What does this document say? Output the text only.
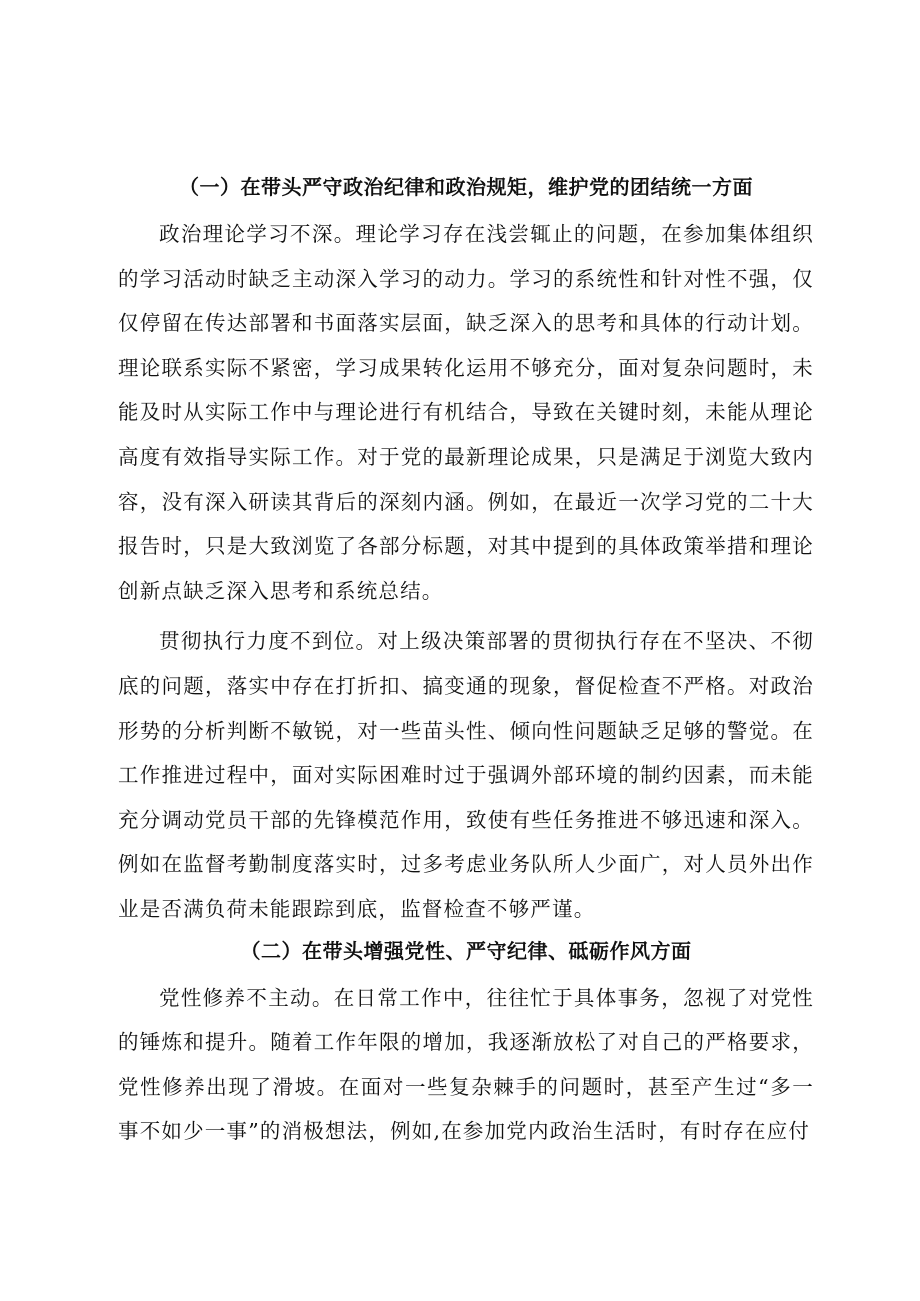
（一）在带头严守政治纪律和政治规矩，维护党的团结统一方面

政治理论学习不深。理论学习存在浅尝辄止的问题，在参加集体组织的学习活动时缺乏主动深入学习的动力。学习的系统性和针对性不强，仅仅停留在传达部署和书面落实层面，缺乏深入的思考和具体的行动计划。理论联系实际不紧密，学习成果转化运用不够充分，面对复杂问题时，未能及时从实际工作中与理论进行有机结合，导致在关键时刻，未能从理论高度有效指导实际工作。对于党的最新理论成果，只是满足于浏览大致内容，没有深入研读其背后的深刻内涵。例如，在最近一次学习党的二十大报告时，只是大致浏览了各部分标题，对其中提到的具体政策举措和理论创新点缺乏深入思考和系统总结。

贯彻执行力度不到位。对上级决策部署的贯彻执行存在不坚决、不彻底的问题，落实中存在打折扣、搞变通的现象，督促检查不严格。对政治形势的分析判断不敏锐，对一些苗头性、倾向性问题缺乏足够的警觉。在工作推进过程中，面对实际困难时过于强调外部环境的制约因素，而未能充分调动党员干部的先锋模范作用，致使有些任务推进不够迅速和深入。例如在监督考勤制度落实时，过多考虑业务队所人少面广，对人员外出作业是否满负荷未能跟踪到底，监督检查不够严谨。

（二）在带头增强党性、严守纪律、砥砺作风方面

党性修养不主动。在日常工作中，往往忙于具体事务，忽视了对党性的锤炼和提升。随着工作年限的增加，我逐渐放松了对自己的严格要求，党性修养出现了滑坡。在面对一些复杂棘手的问题时，甚至产生过“多一事不如少一事”的消极想法，例如,在参加党内政治生活时，有时存在应付
